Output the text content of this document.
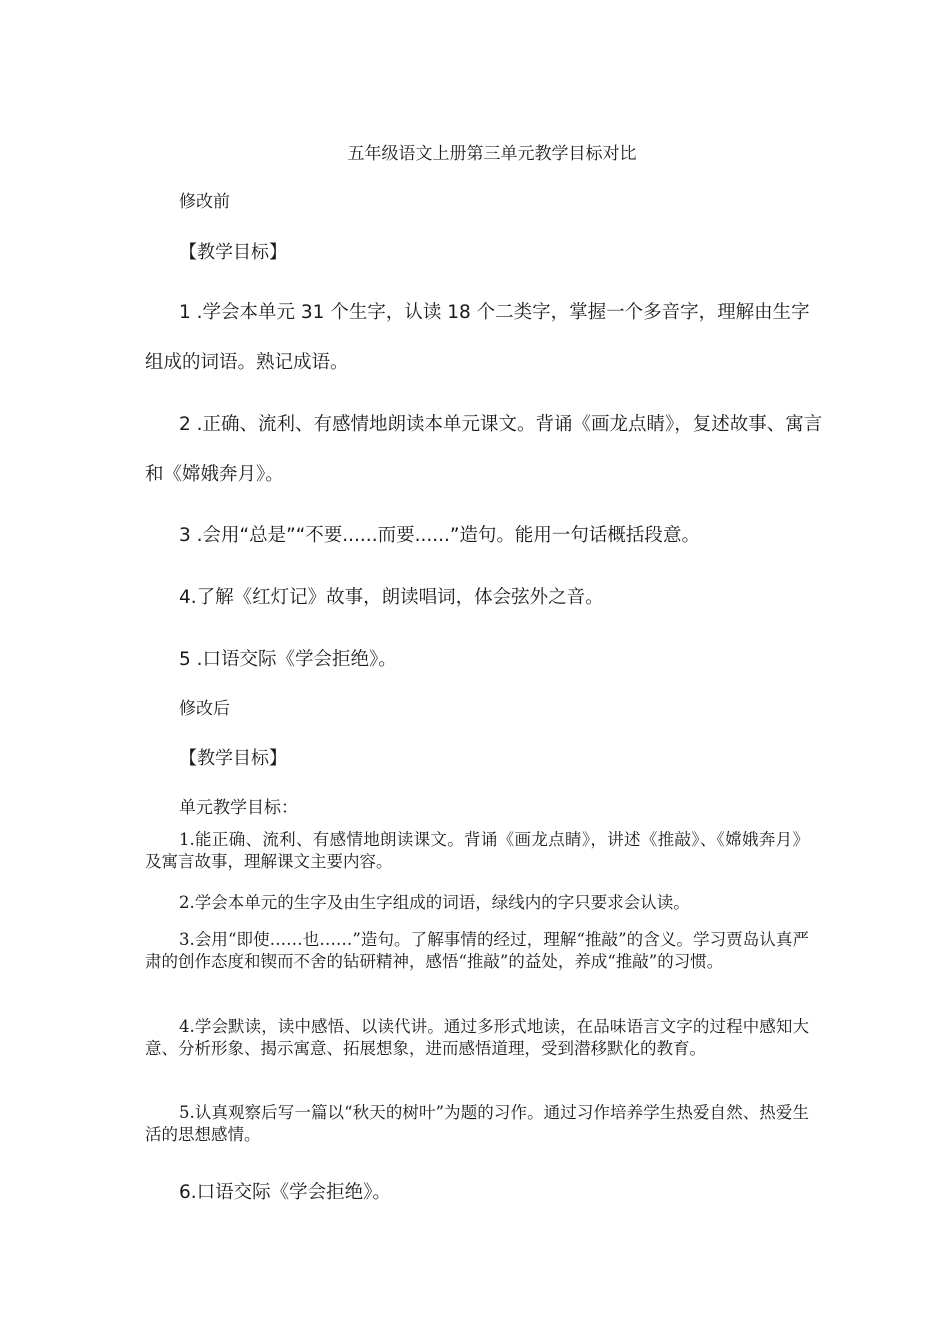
五年级语文上册第三单元教学目标对比
修改前
【教学目标】
1 .学会本单元 31 个生字，认读 18 个二类字，掌握一个多音字，理解由生字
组成的词语。熟记成语。
2 .正确、流利、有感情地朗读本单元课文。背诵《画龙点睛》，复述故事、寓言
和《嫦娥奔月》。
3 .会用“总是”“不要......而要......”造句。能用一句话概括段意。
4.了解《红灯记》故事，朗读唱词，体会弦外之音。
5 .口语交际《学会拒绝》。
修改后
【教学目标】
单元教学目标：
1.能正确、流利、有感情地朗读课文。背诵《画龙点睛》，讲述《推敲》、《嫦娥奔月》及寓言故事，理解课文主要内容。
2.学会本单元的生字及由生字组成的词语，绿线内的字只要求会认读。
3.会用“即使……也……”造句。了解事情的经过，理解“推敲”的含义。学习贾岛认真严肃的创作态度和锲而不舍的钻研精神，感悟“推敲”的益处，养成“推敲”的习惯。
4.学会默读，读中感悟、以读代讲。通过多形式地读，在品味语言文字的过程中感知大意、分析形象、揭示寓意、拓展想象，进而感悟道理，受到潜移默化的教育。
5.认真观察后写一篇以“秋天的树叶”为题的习作。通过习作培养学生热爱自然、热爱生活的思想感情。
6.口语交际《学会拒绝》。
